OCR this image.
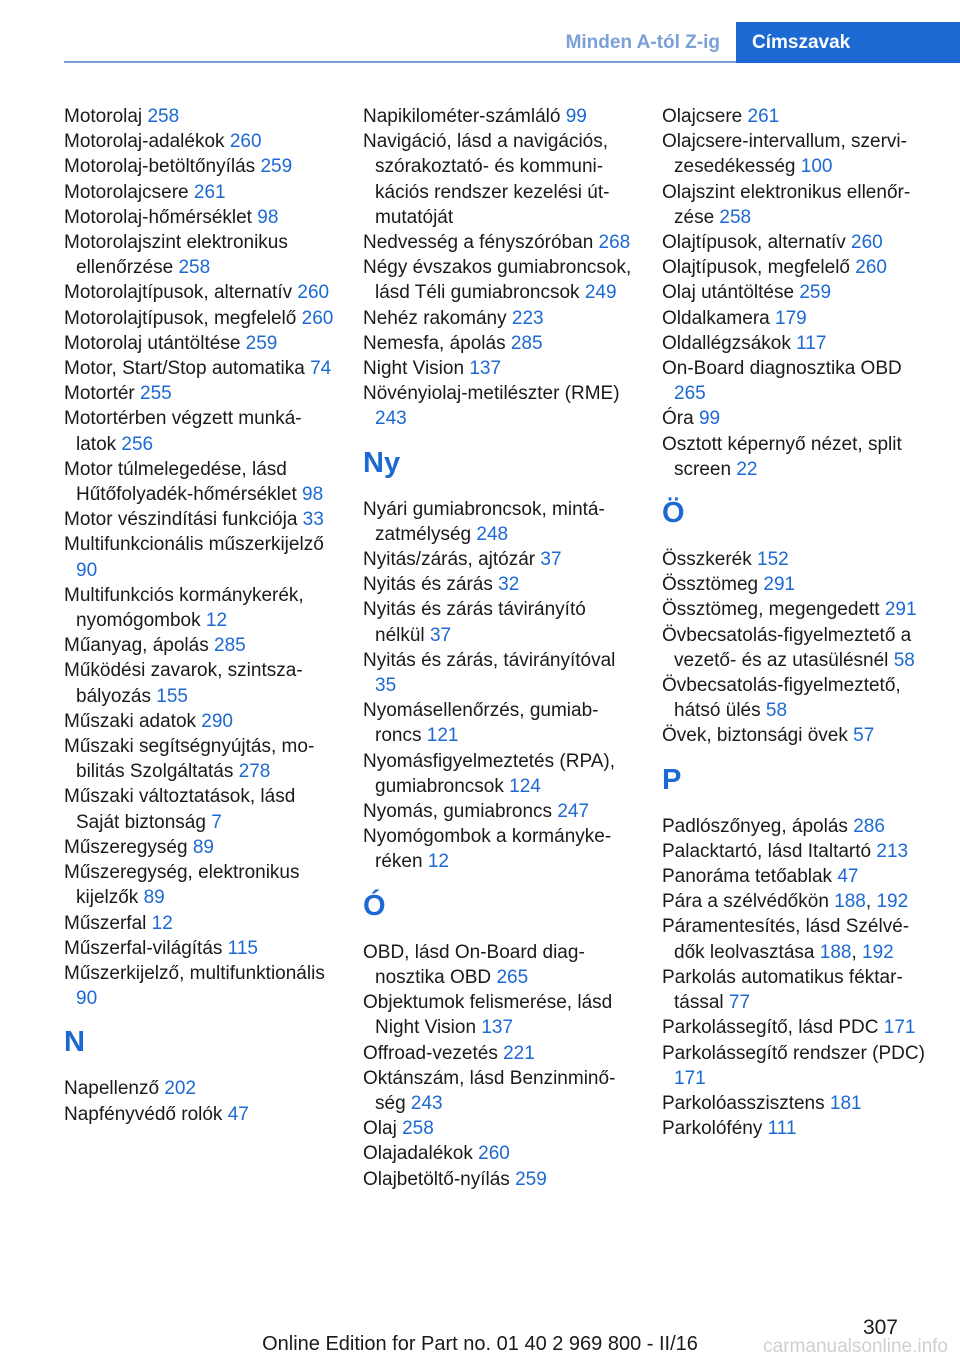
Minden A-tól Z-ig	Címszavak
Motorolaj 258
Motorolaj-adalékok 260
Motorolaj-betöltőnyílás 259
Motorolajcsere 261
Motorolaj-hőmérséklet 98
Motorolajszint elektronikus ellenőrzése 258
Motorolajtípusok, alternatív 260
Motorolajtípusok, megfelelő 260
Motorolaj utántöltése 259
Motor, Start/Stop automatika 74
Motortér 255
Motortérben végzett munkálatok 256
Motor túlmelegedése, lásd Hűtőfolyadék-hőmérséklet 98
Motor vészindítási funkciója 33
Multifunkcionális műszerkijelző 90
Multifunkciós kormánykerék, nyomógombok 12
Műanyag, ápolás 285
Működési zavarok, szintszabályozás 155
Műszaki adatok 290
Műszaki segítségnyújtás, mobilitás Szolgáltatás 278
Műszaki változtatások, lásd Saját biztonság 7
Műszeregység 89
Műszeregység, elektronikus kijelzők 89
Műszerfal 12
Műszerfal-világítás 115
Műszerkijelző, multifunktionális 90
N
Napellenző 202
Napfényvédő rolók 47
Napikilométer-számláló 99
Navigáció, lásd a navigációs, szórakoztató- és kommunikációs rendszer kezelési útmutatóját
Nedvesség a fényszóróban 268
Négy évszakos gumiabroncsok, lásd Téli gumiabroncsok 249
Nehéz rakomány 223
Nemesfa, ápolás 285
Night Vision 137
Növényiolaj-metilészter (RME) 243
Ny
Nyári gumiabroncsok, mintázatmélység 248
Nyitás/zárás, ajtózár 37
Nyitás és zárás 32
Nyitás és zárás távirányító nélkül 37
Nyitás és zárás, távirányítóval 35
Nyomásellenőrzés, gumiabroncs 121
Nyomásfigyelmeztetés (RPA), gumiabroncsok 124
Nyomás, gumiabroncs 247
Nyomógombok a kormánykeréken 12
Ó
OBD, lásd On-Board diagnosztika OBD 265
Objektumok felismerése, lásd Night Vision 137
Offroad-vezetés 221
Oktánszám, lásd Benzinminőség 243
Olaj 258
Olajadalékok 260
Olajbetöltő-nyílás 259
Olajcsere 261
Olajcsere-intervallum, szervizesedékesség 100
Olajszint elektronikus ellenőrzése 258
Olajtípusok, alternatív 260
Olajtípusok, megfelelő 260
Olaj utántöltése 259
Oldalkamera 179
Oldallégzsákok 117
On-Board diagnosztika OBD 265
Óra 99
Osztott képernyő nézet, split screen 22
Ö
Összkerék 152
Össztömeg 291
Össztömeg, megengedett 291
Övbecsatolás-figyelmeztető a vezető- és az utasülésnél 58
Övbecsatolás-figyelmeztető, hátsó ülés 58
Övek, biztonsági övek 57
P
Padlószőnyeg, ápolás 286
Palacktartó, lásd Italtartó 213
Panoráma tetőablak 47
Pára a szélvédőkön 188, 192
Páramentesítés, lásd Szélvédők leolvasztása 188, 192
Parkolás automatikus féktartással 77
Parkolássegítő, lásd PDC 171
Parkolássegítő rendszer (PDC) 171
Parkolóasszisztens 181
Parkolófény 111
307
Online Edition for Part no. 01 40 2 969 800 - II/16	carmanualsonline.info
